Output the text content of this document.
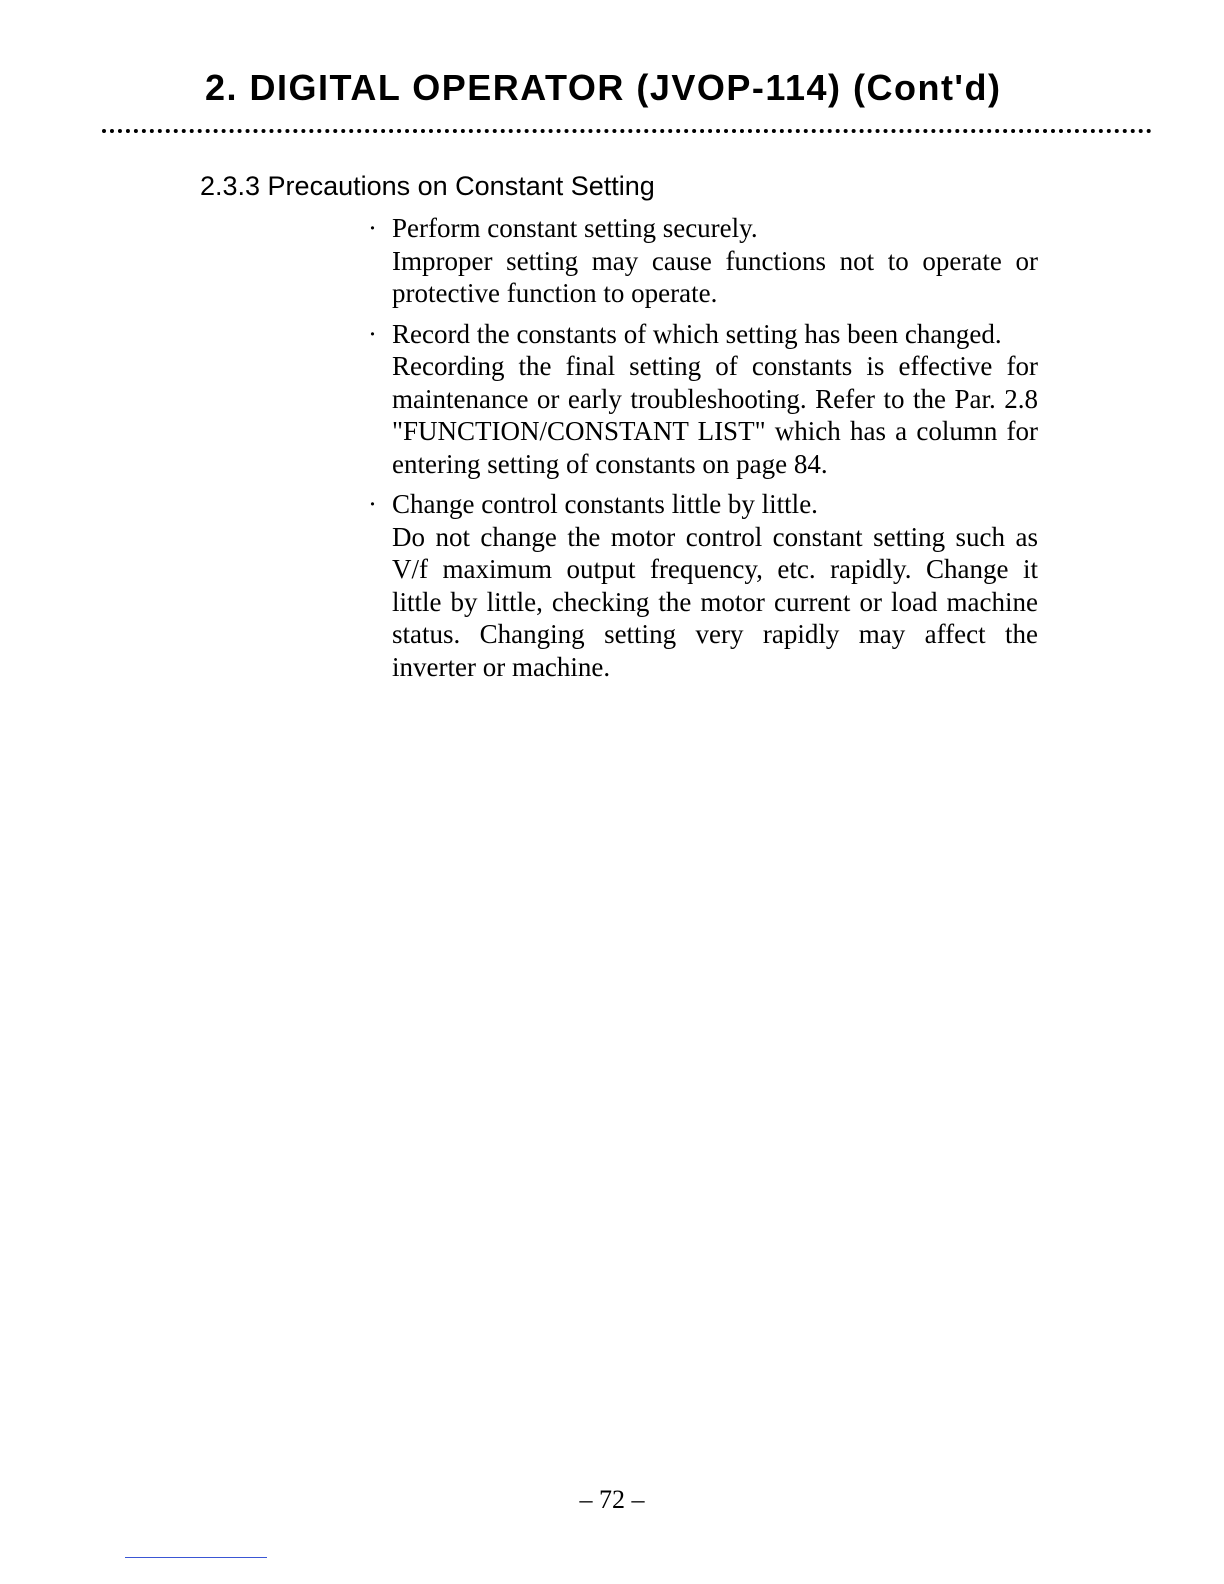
2. DIGITAL OPERATOR (JVOP-114) (Cont'd)
2.3.3 Precautions on Constant Setting
· Perform constant setting securely.
Improper setting may cause functions not to operate or protective function to operate.
· Record the constants of which setting has been changed.
Recording the final setting of constants is effective for maintenance or early troubleshooting. Refer to the Par. 2.8 "FUNCTION/CONSTANT LIST" which has a column for entering setting of constants on page 84.
· Change control constants little by little.
Do not change the motor control constant setting such as V/f maximum output frequency, etc. rapidly. Change it little by little, checking the motor current or load machine status. Changing setting very rapidly may affect the inverter or machine.
– 72 –
